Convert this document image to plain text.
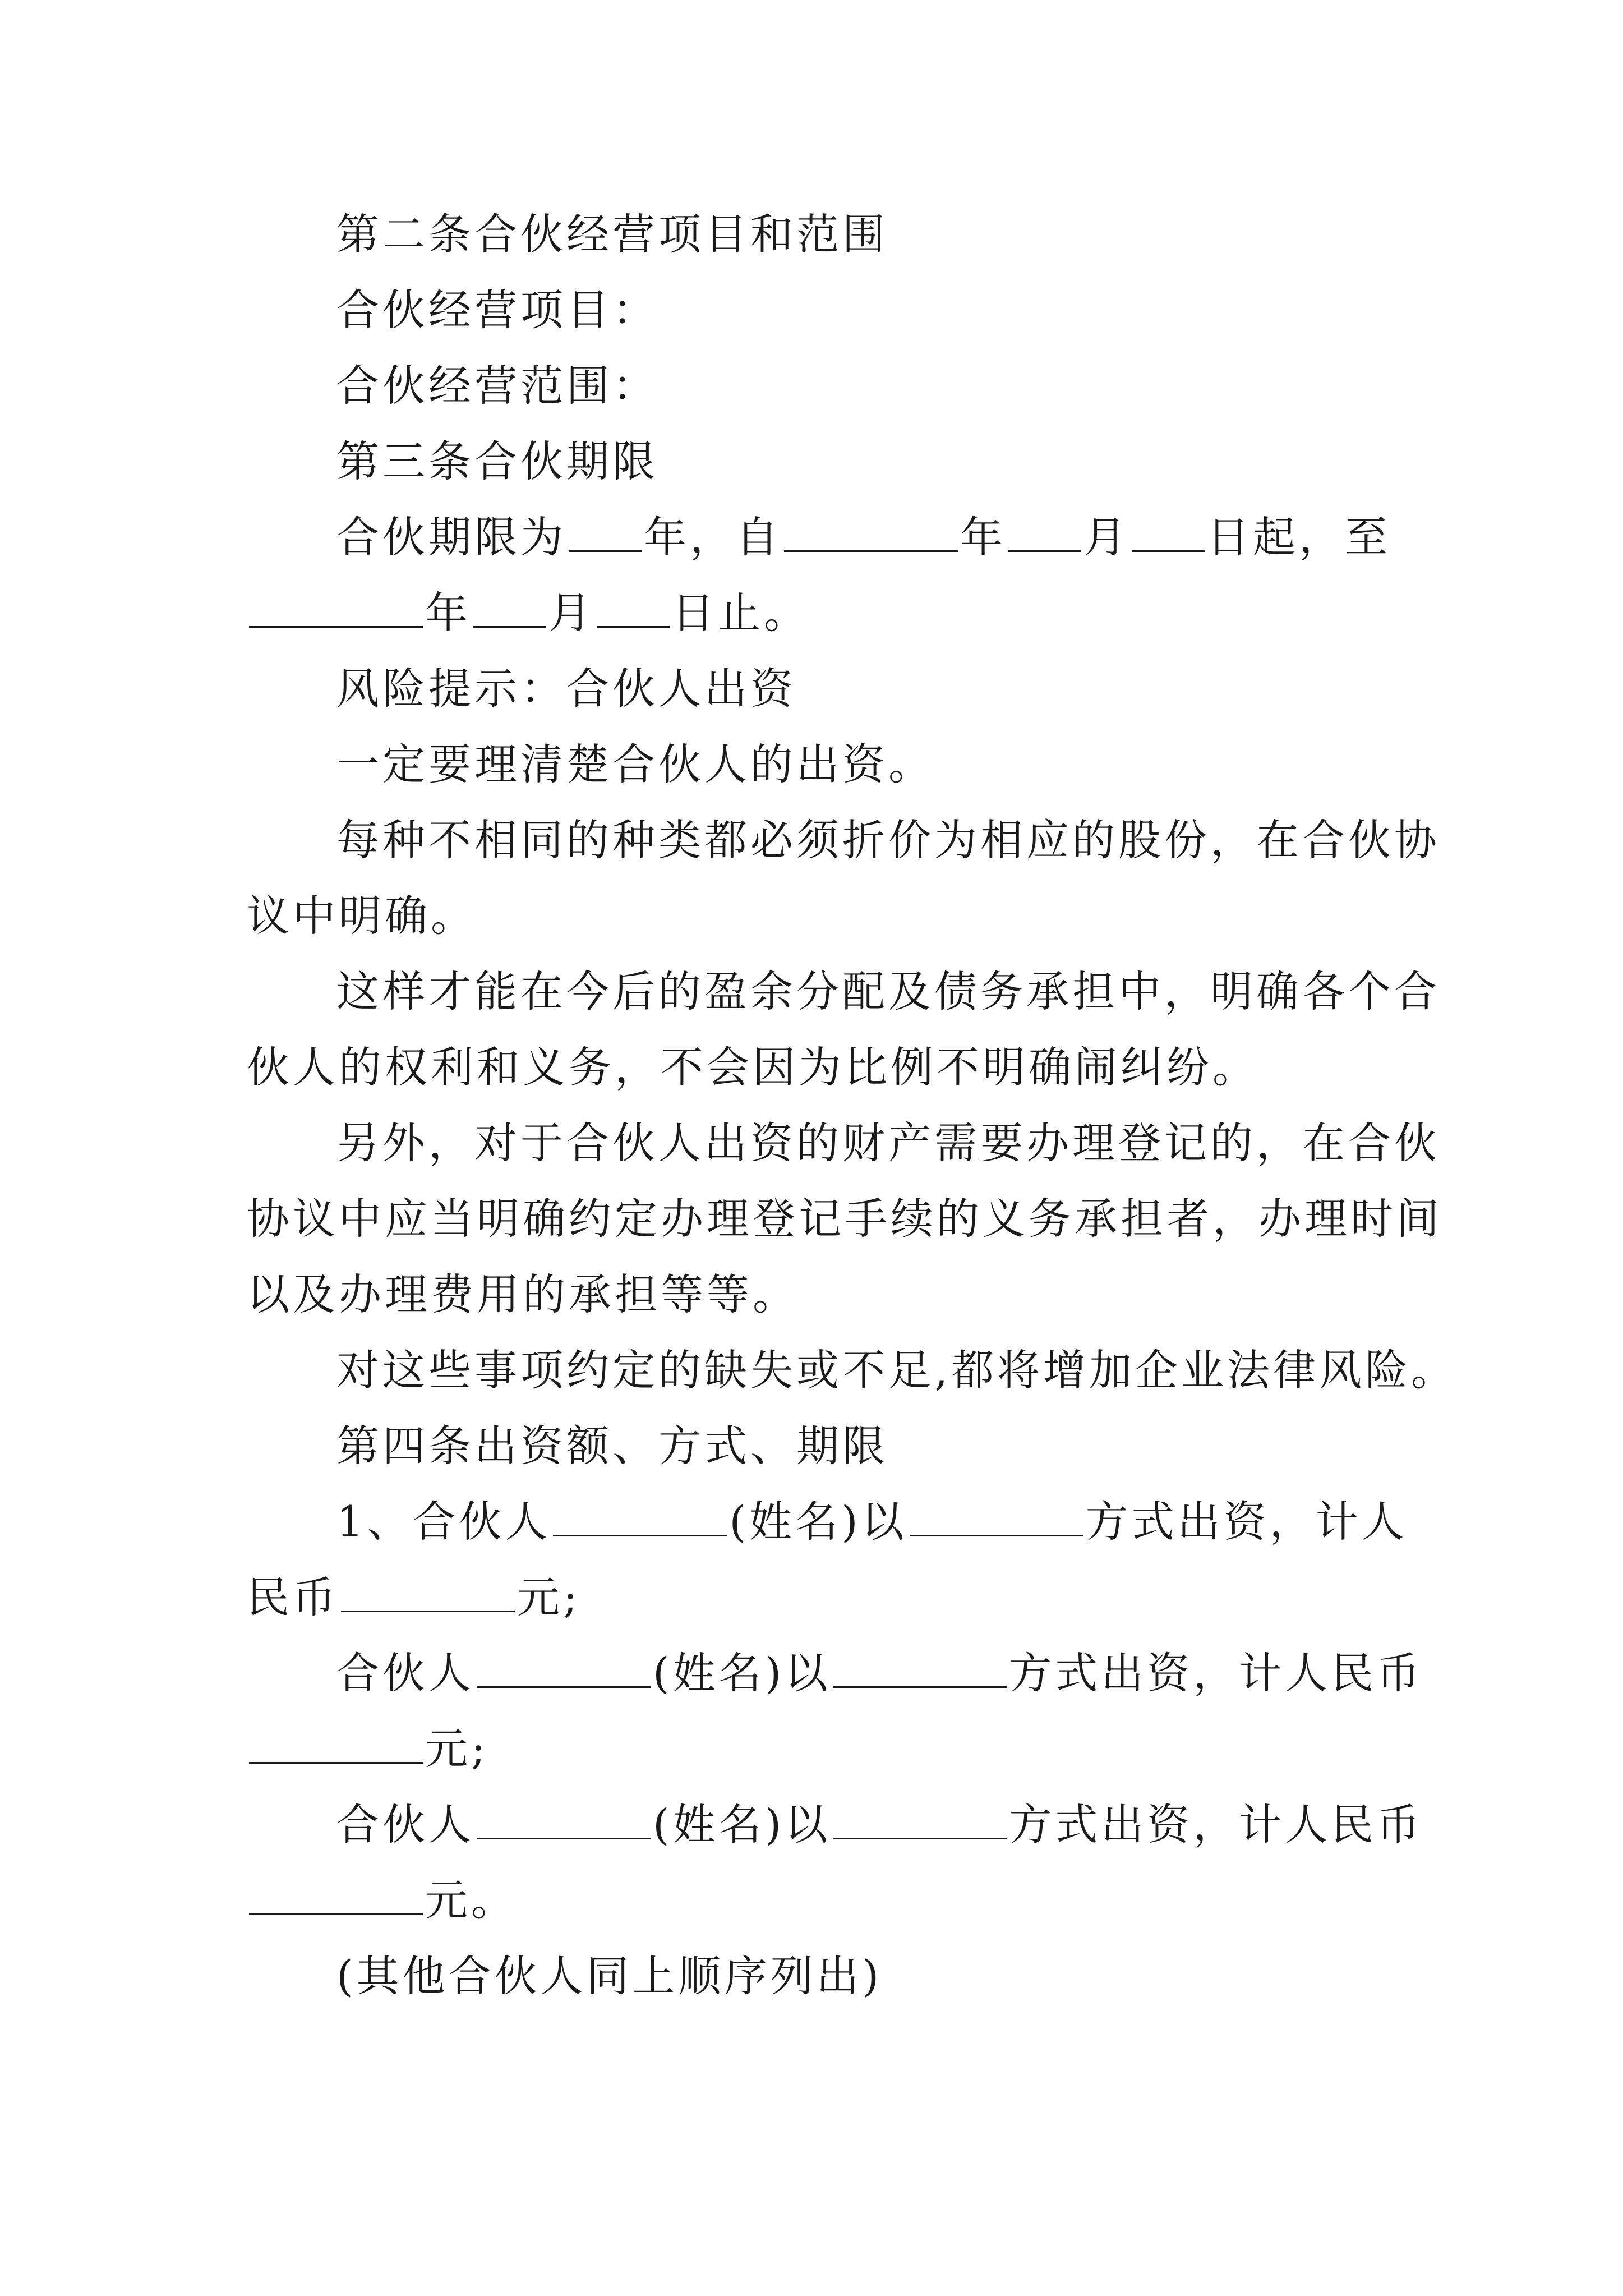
第二条合伙经营项目和范围
合伙经营项目：
合伙经营范围：
第三条合伙期限
合伙期限为 年，自	年 月 日起，至
年 月 日止。
风险提示：合伙人出资
一定要理清楚合伙人的出资。
每种不相同的种类都必须折价为相应的股份，在合伙协
议中明确。
这样才能在今后的盈余分配及债务承担中，明确各个合
伙人的权利和义务，不会因为比例不明确闹纠纷。
另外，对于合伙人出资的财产需要办理登记的，在合伙
协议中应当明确约定办理登记手续的义务承担者，办理时间
以及办理费用的承担等等。
对这些事项约定的缺失或不足,都将增加企业法律风险。
第四条出资额、方式、期限
1、合伙人	(姓名)以	方式出资，计人
民币	元;
合伙人	(姓名)以	方式出资，计人民币
元;
合伙人	(姓名)以	方式出资，计人民币
元。
(其他合伙人同上顺序列出)
